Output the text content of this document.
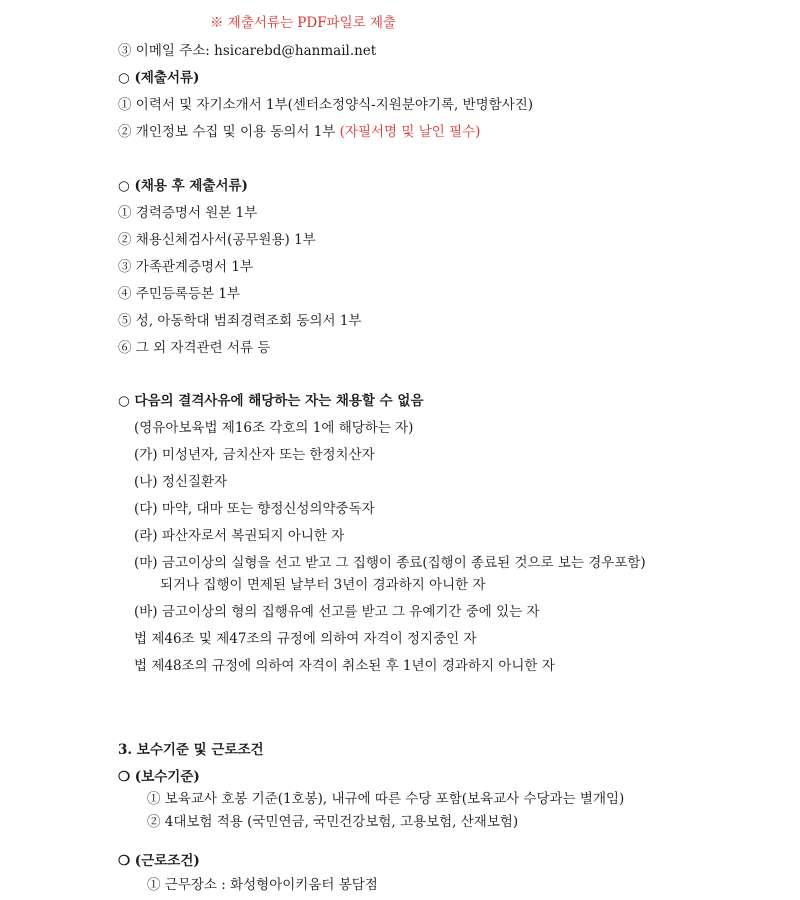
※ 제출서류는 PDF파일로 제출
③ 이메일 주소: hsicarebd@hanmail.net
○ (제출서류)
① 이력서 및 자기소개서 1부(센터소정양식-지원분야기록, 반명함사진)
② 개인정보 수집 및 이용 동의서 1부 (자필서명 및 날인 필수)
○ (채용 후 제출서류)
① 경력증명서 원본 1부
② 채용신체검사서(공무원용) 1부
③ 가족관계증명서 1부
④ 주민등록등본 1부
⑤ 성, 아동학대 범죄경력조회 동의서 1부
⑥ 그 외 자격관련 서류 등
○ 다음의 결격사유에 해당하는 자는 채용할 수 없음
(영유아보육법 제16조 각호의 1에 해당하는 자)
(가) 미성년자, 금치산자 또는 한정치산자
(나) 정신질환자
(다) 마약, 대마 또는 향정신성의약중독자
(라) 파산자로서 복권되지 아니한 자
(마) 금고이상의 실형을 선고 받고 그 집행이 종료(집행이 종료된 것으로 보는 경우포함)
되거나 집행이 면제된 날부터 3년이 경과하지 아니한 자
(바) 금고이상의 형의 집행유예 선고를 받고 그 유예기간 중에 있는 자
법 제46조 및 제47조의 규정에 의하여 자격이 정지중인 자
법 제48조의 규정에 의하여 자격이 취소된 후 1년이 경과하지 아니한 자
3. 보수기준 및 근로조건
❍ (보수기준)
① 보육교사 호봉 기준(1호봉), 내규에 따른 수당 포함(보육교사 수당과는 별개임)
② 4대보험 적용 (국민연금, 국민건강보험, 고용보험, 산재보험)
❍ (근로조건)
① 근무장소 : 화성형아이키움터 봉담점
